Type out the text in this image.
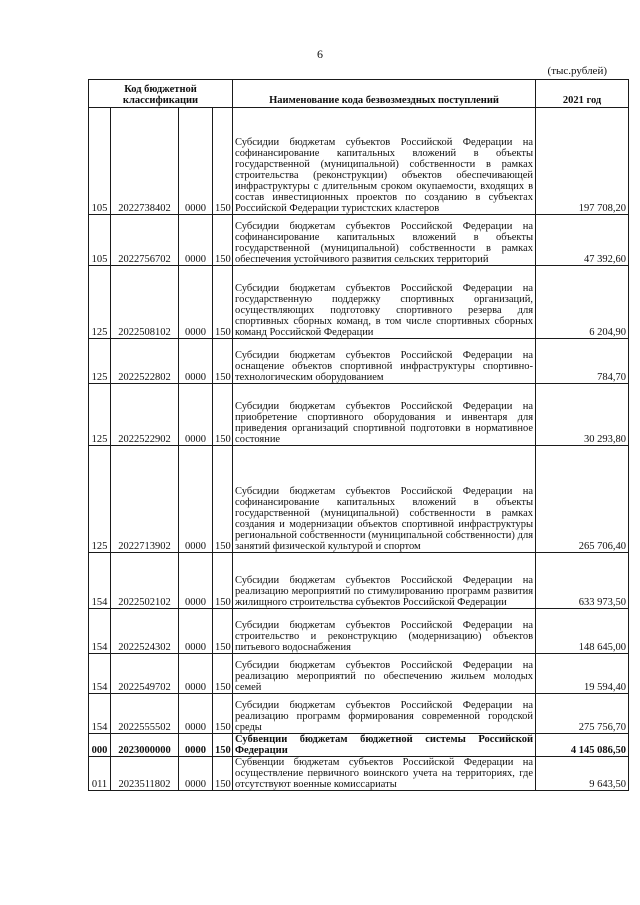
6
(тыс.рублей)
Код бюджетной классификации				Наименование кода безвозмездных поступлений	2021 год
105	2022738402	0000	150	Субсидии бюджетам субъектов Российской Федерации на софинансирование капитальных вложений в объекты государственной (муниципальной) собственности в рамках строительства (реконструкции) объектов обеспечивающей инфраструктуры с длительным сроком окупаемости, входящих в состав инвестиционных проектов по созданию в субъектах Российской Федерации туристских кластеров	197 708,20
105	2022756702	0000	150	Субсидии бюджетам субъектов Российской Федерации на софинансирование капитальных вложений в объекты государственной (муниципальной) собственности в рамках обеспечения устойчивого развития сельских территорий	47 392,60
125	2022508102	0000	150	Субсидии бюджетам субъектов Российской Федерации на государственную поддержку спортивных организаций, осуществляющих подготовку спортивного резерва для спортивных сборных команд, в том числе спортивных сборных команд Российской Федерации	6 204,90
125	2022522802	0000	150	Субсидии бюджетам субъектов Российской Федерации на оснащение объектов спортивной инфраструктуры спортивно-технологическим оборудованием	784,70
125	2022522902	0000	150	Субсидии бюджетам субъектов Российской Федерации на приобретение спортивного оборудования и инвентаря для приведения организаций спортивной подготовки в нормативное состояние	30 293,80
125	2022713902	0000	150	Субсидии бюджетам субъектов Российской Федерации на софинансирование капитальных вложений в объекты государственной (муниципальной) собственности в рамках создания и модернизации объектов спортивной инфраструктуры региональной собственности (муниципальной собственности) для занятий физической культурой и спортом	265 706,40
154	2022502102	0000	150	Субсидии бюджетам субъектов Российской Федерации на реализацию мероприятий по стимулированию программ развития жилищного строительства субъектов Российской Федерации	633 973,50
154	2022524302	0000	150	Субсидии бюджетам субъектов Российской Федерации на строительство и реконструкцию (модернизацию) объектов питьевого водоснабжения	148 645,00
154	2022549702	0000	150	Субсидии бюджетам субъектов Российской Федерации на реализацию мероприятий по обеспечению жильем молодых семей	19 594,40
154	2022555502	0000	150	Субсидии бюджетам субъектов Российской Федерации на реализацию программ формирования современной городской среды	275 756,70
000	2023000000	0000	150	Субвенции бюджетам бюджетной системы Российской Федерации	4 145 086,50
011	2023511802	0000	150	Субвенции бюджетам субъектов Российской Федерации на осуществление первичного воинского учета на территориях, где отсутствуют военные комиссариаты	9 643,50
